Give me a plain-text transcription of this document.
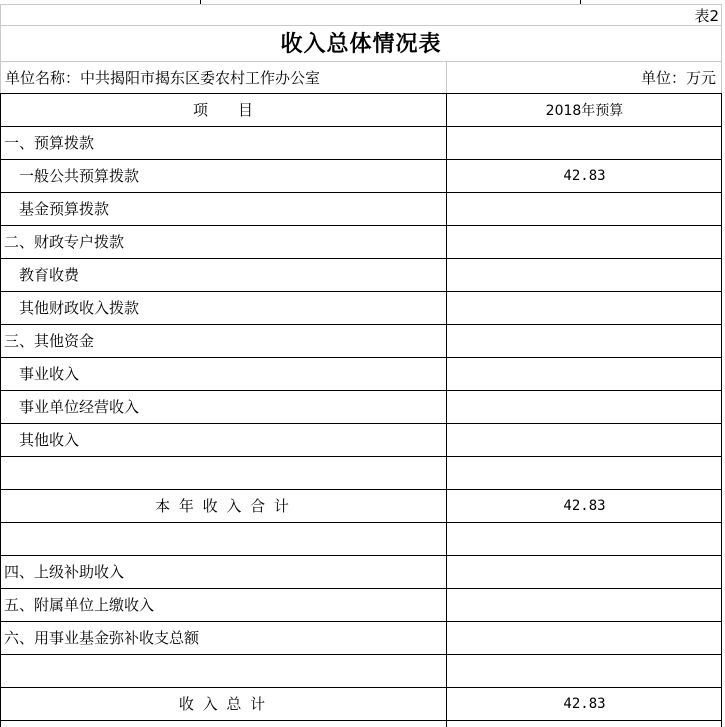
表2
收入总体情况表
单位名称：中共揭阳市揭东区委农村工作办公室	单位：万元
项　　目	2018年预算
一、预算拨款
一般公共预算拨款	42.83
基金预算拨款
二、财政专户拨款
教育收费
其他财政收入拨款
三、其他资金
事业收入
事业单位经营收入
其他收入
本 年 收 入 合 计	42.83
四、上级补助收入
五、附属单位上缴收入
六、用事业基金弥补收支总额
收 入 总 计	42.83
